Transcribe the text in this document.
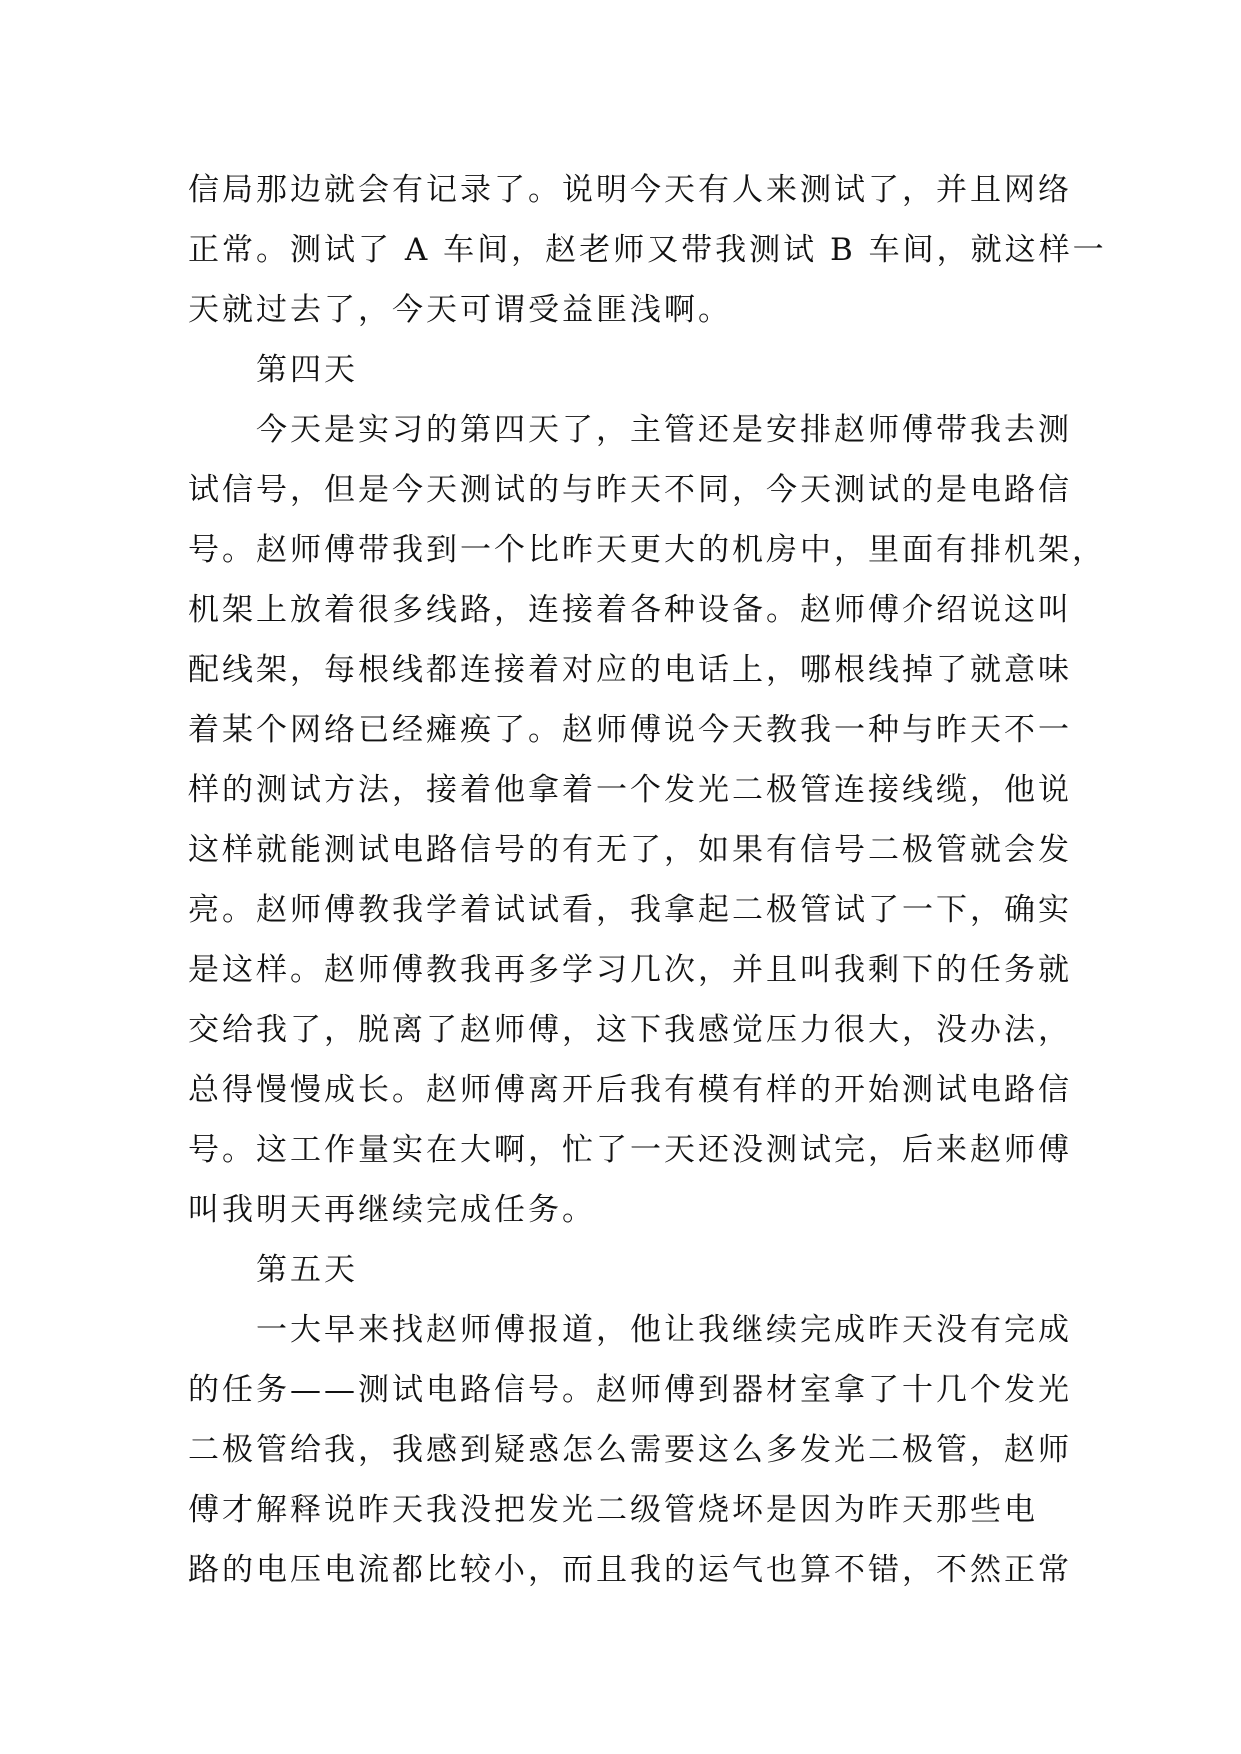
信局那边就会有记录了。说明今天有人来测试了，并且网络
正常。测试了 A 车间，赵老师又带我测试 B 车间，就这样一
天就过去了，今天可谓受益匪浅啊。
第四天
今天是实习的第四天了，主管还是安排赵师傅带我去测
试信号，但是今天测试的与昨天不同，今天测试的是电路信
号。赵师傅带我到一个比昨天更大的机房中，里面有排机架，
机架上放着很多线路，连接着各种设备。赵师傅介绍说这叫
配线架，每根线都连接着对应的电话上，哪根线掉了就意味
着某个网络已经瘫痪了。赵师傅说今天教我一种与昨天不一
样的测试方法，接着他拿着一个发光二极管连接线缆，他说
这样就能测试电路信号的有无了，如果有信号二极管就会发
亮。赵师傅教我学着试试看，我拿起二极管试了一下，确实
是这样。赵师傅教我再多学习几次，并且叫我剩下的任务就
交给我了，脱离了赵师傅，这下我感觉压力很大，没办法，
总得慢慢成长。赵师傅离开后我有模有样的开始测试电路信
号。这工作量实在大啊，忙了一天还没测试完，后来赵师傅
叫我明天再继续完成任务。
第五天
一大早来找赵师傅报道，他让我继续完成昨天没有完成
的任务——测试电路信号。赵师傅到器材室拿了十几个发光
二极管给我，我感到疑惑怎么需要这么多发光二极管，赵师
傅才解释说昨天我没把发光二级管烧坏是因为昨天那些电
路的电压电流都比较小，而且我的运气也算不错，不然正常
